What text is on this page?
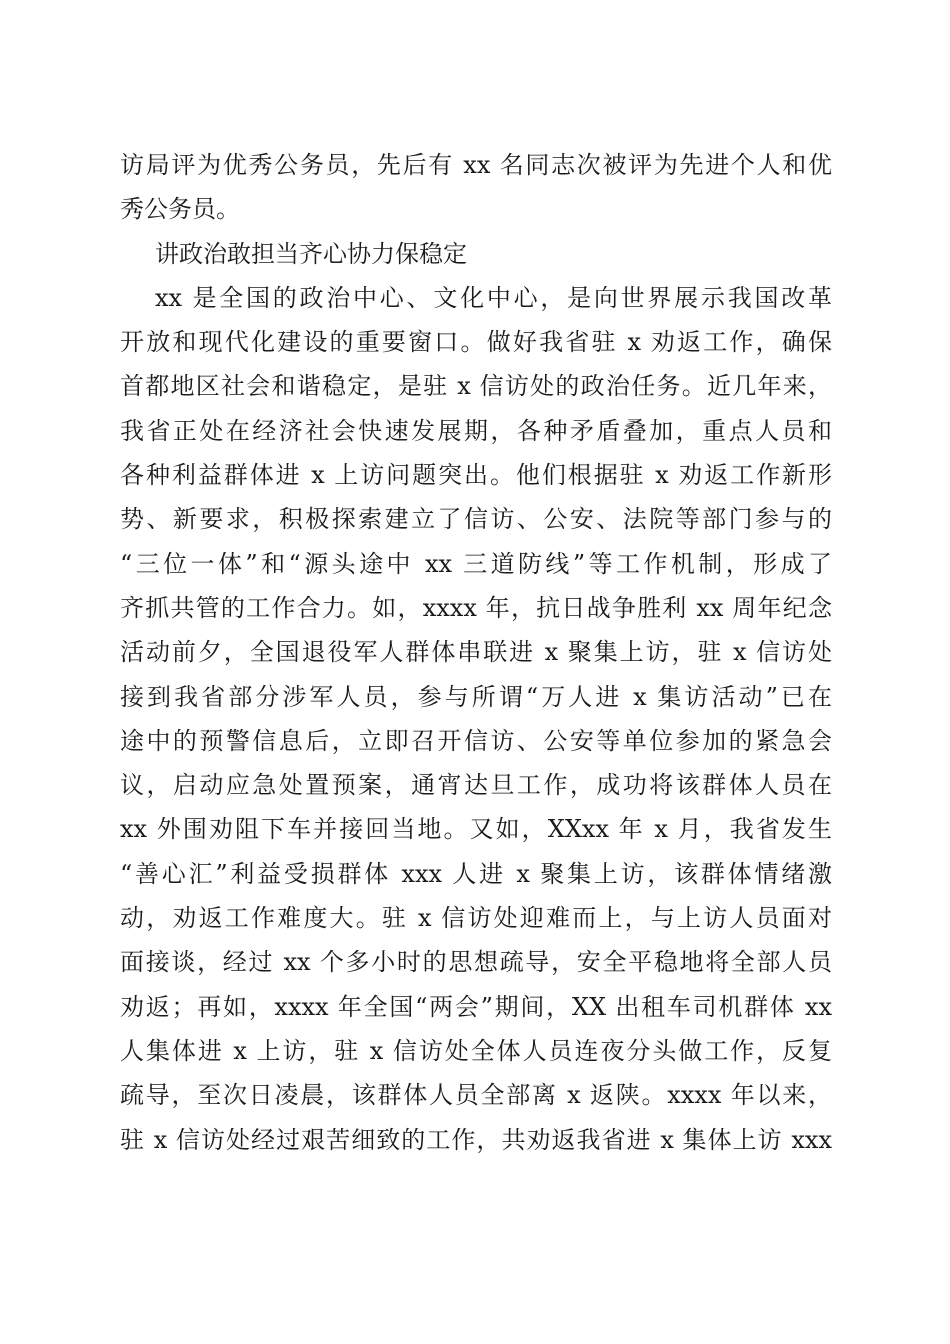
访局评为优秀公务员，先后有 xx 名同志次被评为先进个人和优
秀公务员。
讲政治敢担当齐心协力保稳定
xx 是全国的政治中心、文化中心，是向世界展示我国改革
开放和现代化建设的重要窗口。做好我省驻 x 劝返工作，确保
首都地区社会和谐稳定，是驻 x 信访处的政治任务。近几年来，
我省正处在经济社会快速发展期，各种矛盾叠加，重点人员和
各种利益群体进 x 上访问题突出。他们根据驻 x 劝返工作新形
势、新要求，积极探索建立了信访、公安、法院等部门参与的
“三位一体”和“源头途中 xx 三道防线”等工作机制，形成了
齐抓共管的工作合力。如，xxxx 年，抗日战争胜利 xx 周年纪念
活动前夕，全国退役军人群体串联进 x 聚集上访，驻 x 信访处
接到我省部分涉军人员，参与所谓“万人进 x 集访活动”已在
途中的预警信息后，立即召开信访、公安等单位参加的紧急会
议，启动应急处置预案，通宵达旦工作，成功将该群体人员在
xx 外围劝阻下车并接回当地。又如，XXxx 年 x 月，我省发生
“善心汇”利益受损群体 xxx 人进 x 聚集上访，该群体情绪激
动，劝返工作难度大。驻 x 信访处迎难而上，与上访人员面对
面接谈，经过 xx 个多小时的思想疏导，安全平稳地将全部人员
劝返；再如，xxxx 年全国“两会”期间，XX 出租车司机群体 xx
人集体进 x 上访，驻 x 信访处全体人员连夜分头做工作，反复
疏导，至次日凌晨，该群体人员全部离 x 返陕。xxxx 年以来，
驻 x 信访处经过艰苦细致的工作，共劝返我省进 x 集体上访 xxx
